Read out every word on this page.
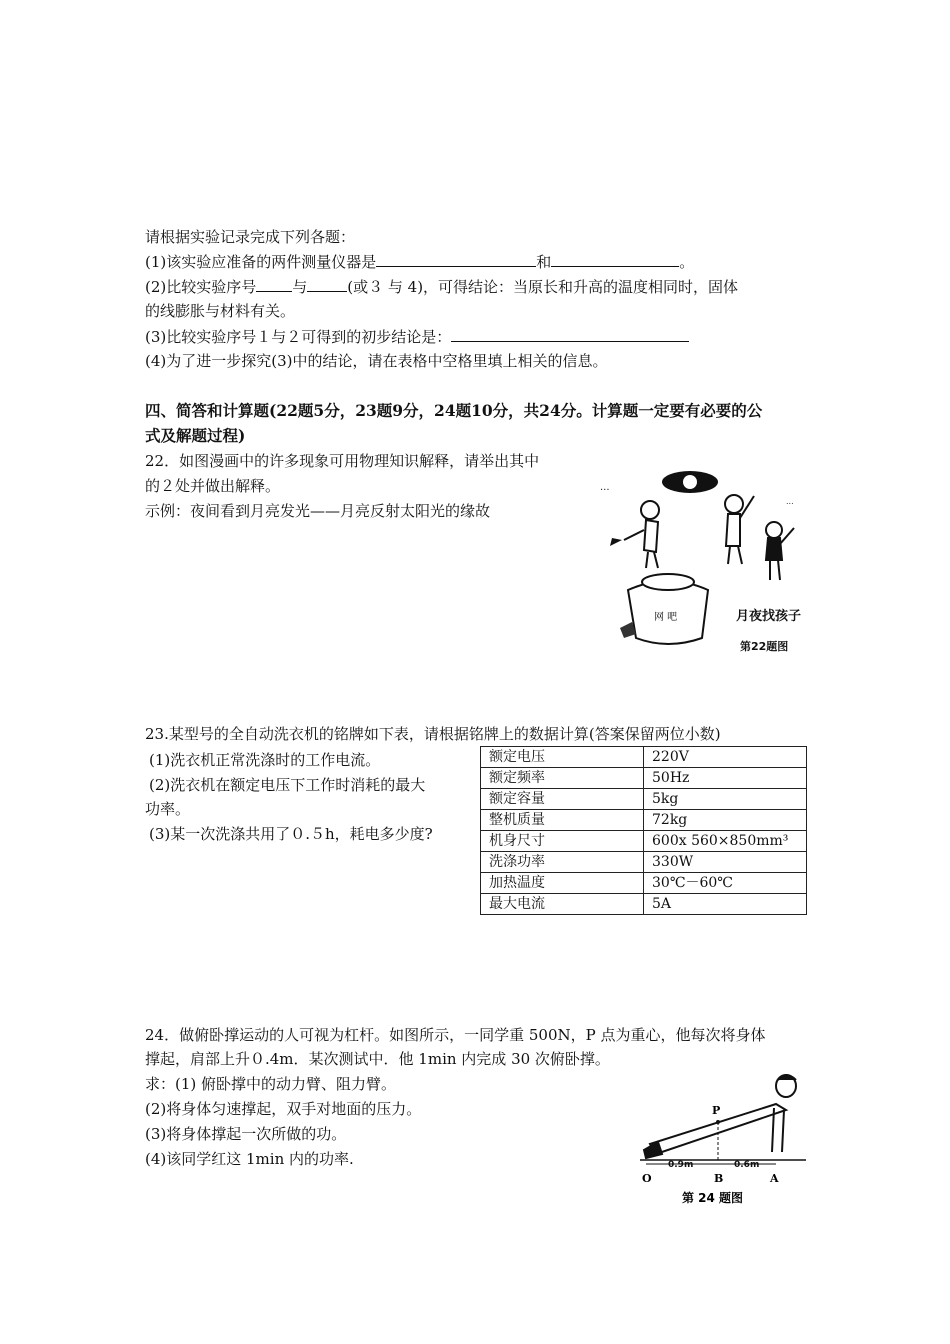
请根据实验记录完成下列各题：
(1)该实验应准备的两件测量仪器是	和	。
(2)比较实验序号 与	(或３ 与 4)，可得结论：当原长和升高的温度相同时，固体
的线膨胀与材料有关。
(3)比较实验序号１与２可得到的初步结论是：
(4)为了进一步探究(3)中的结论，请在表格中空格里填上相关的信息。
四、简答和计算题(22题5分，23题9分，24题10分，共24分。计算题一定要有必要的公
式及解题过程)
22．如图漫画中的许多现象可用物理知识解释，请举出其中
的２处并做出解释。
示例：夜间看到月亮发光——月亮反射太阳光的缘故
...
...
网 吧	月夜找孩子
第22题图
23.某型号的全自动洗衣机的铭牌如下表，请根据铭牌上的数据计算(答案保留两位小数)
(1)洗衣机正常洗涤时的工作电流。
(2)洗衣机在额定电压下工作时消耗的最大
功率。
(3)某一次洗涤共用了０.５h，耗电多少度?
额定电压	220V
额定频率	50Hz
额定容量	5kg
整机质量	72kg
机身尺寸	600x 560×850mm³
洗涤功率	330W
加热温度	30℃－60℃
最大电流	5A
24．做俯卧撑运动的人可视为杠杆。如图所示，一同学重 500N，P 点为重心，他每次将身体
撑起，肩部上升０.4m．某次测试中．他 1min 内完成 30 次俯卧撑。
求：(1) 俯卧撑中的动力臂、阻力臂。
(2)将身体匀速撑起，双手对地面的压力。
(3)将身体撑起一次所做的功。
(4)该同学红这 1min 内的功率.
P
0.9m	0.6m
O	B	A
第 24 题图
